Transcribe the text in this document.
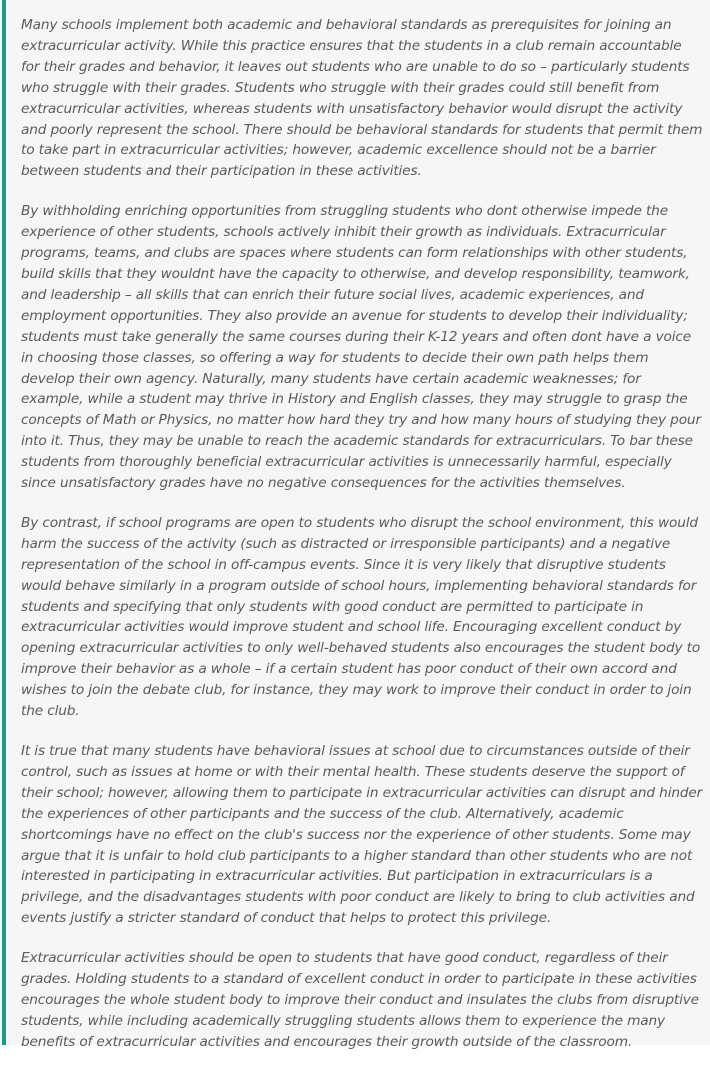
Many schools implement both academic and behavioral standards as prerequisites for joining an extracurricular activity. While this practice ensures that the students in a club remain accountable for their grades and behavior, it leaves out students who are unable to do so – particularly students who struggle with their grades. Students who struggle with their grades could still benefit from extracurricular activities, whereas students with unsatisfactory behavior would disrupt the activity and poorly represent the school. There should be behavioral standards for students that permit them to take part in extracurricular activities; however, academic excellence should not be a barrier between students and their participation in these activities.

By withholding enriching opportunities from struggling students who dont otherwise impede the experience of other students, schools actively inhibit their growth as individuals. Extracurricular programs, teams, and clubs are spaces where students can form relationships with other students, build skills that they wouldnt have the capacity to otherwise, and develop responsibility, teamwork, and leadership – all skills that can enrich their future social lives, academic experiences, and employment opportunities. They also provide an avenue for students to develop their individuality; students must take generally the same courses during their K-12 years and often dont have a voice in choosing those classes, so offering a way for students to decide their own path helps them develop their own agency. Naturally, many students have certain academic weaknesses; for example, while a student may thrive in History and English classes, they may struggle to grasp the concepts of Math or Physics, no matter how hard they try and how many hours of studying they pour into it. Thus, they may be unable to reach the academic standards for extracurriculars. To bar these students from thoroughly beneficial extracurricular activities is unnecessarily harmful, especially since unsatisfactory grades have no negative consequences for the activities themselves.

By contrast, if school programs are open to students who disrupt the school environment, this would harm the success of the activity (such as distracted or irresponsible participants) and a negative representation of the school in off-campus events. Since it is very likely that disruptive students would behave similarly in a program outside of school hours, implementing behavioral standards for students and specifying that only students with good conduct are permitted to participate in extracurricular activities would improve student and school life. Encouraging excellent conduct by opening extracurricular activities to only well-behaved students also encourages the student body to improve their behavior as a whole – if a certain student has poor conduct of their own accord and wishes to join the debate club, for instance, they may work to improve their conduct in order to join the club.

It is true that many students have behavioral issues at school due to circumstances outside of their control, such as issues at home or with their mental health. These students deserve the support of their school; however, allowing them to participate in extracurricular activities can disrupt and hinder the experiences of other participants and the success of the club. Alternatively, academic shortcomings have no effect on the club's success nor the experience of other students. Some may argue that it is unfair to hold club participants to a higher standard than other students who are not interested in participating in extracurricular activities. But participation in extracurriculars is a privilege, and the disadvantages students with poor conduct are likely to bring to club activities and events justify a stricter standard of conduct that helps to protect this privilege.

Extracurricular activities should be open to students that have good conduct, regardless of their grades. Holding students to a standard of excellent conduct in order to participate in these activities encourages the whole student body to improve their conduct and insulates the clubs from disruptive students, while including academically struggling students allows them to experience the many benefits of extracurricular activities and encourages their growth outside of the classroom.
